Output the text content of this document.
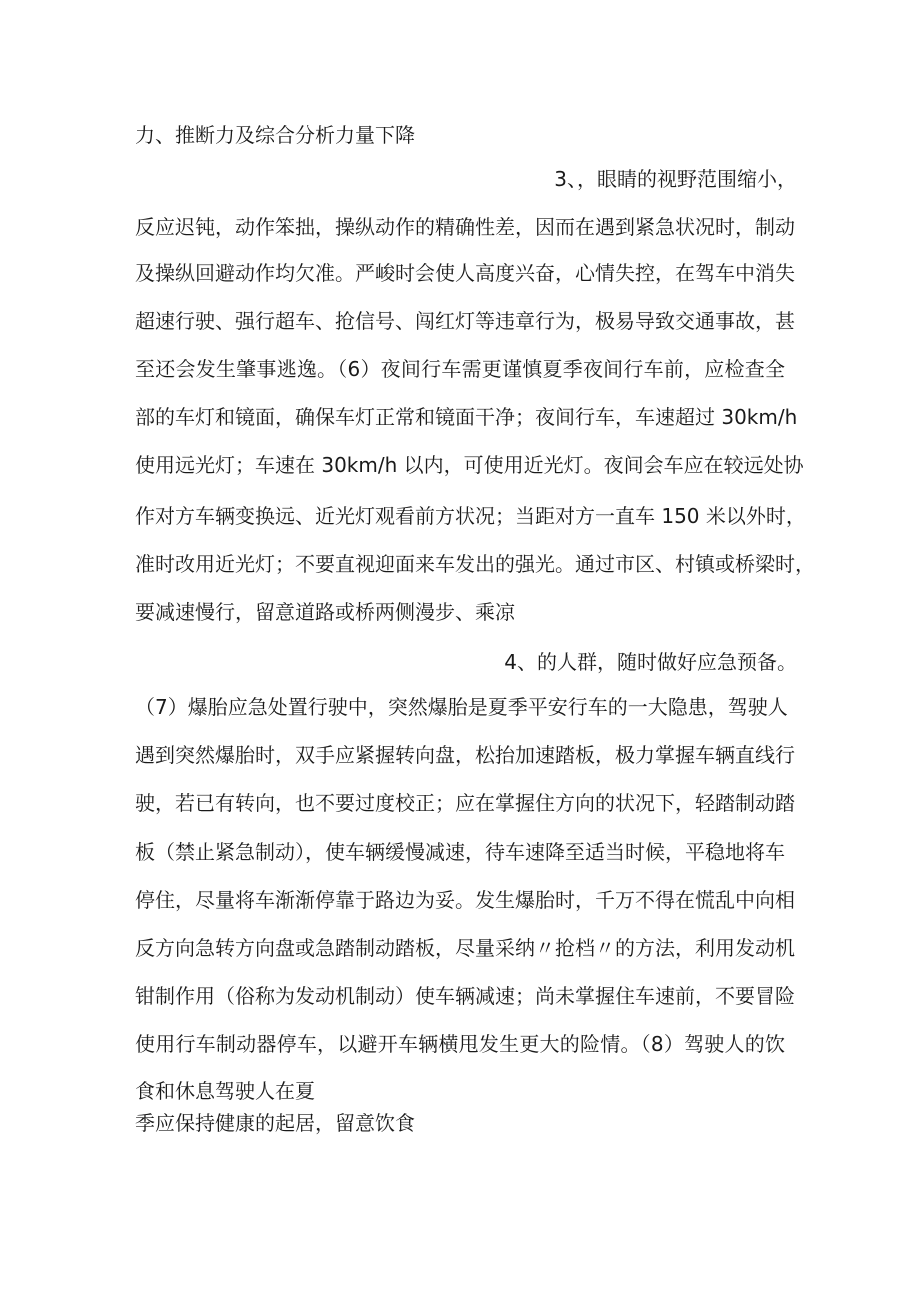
力、推断力及综合分析力量下降
3、，眼睛的视野范围缩小，
反应迟钝，动作笨拙，操纵动作的精确性差，因而在遇到紧急状况时，制动
及操纵回避动作均欠准。严峻时会使人高度兴奋，心情失控，在驾车中消失
超速行驶、强行超车、抢信号、闯红灯等违章行为，极易导致交通事故，甚
至还会发生肇事逃逸。（6）夜间行车需更谨慎夏季夜间行车前，应检查全
部的车灯和镜面，确保车灯正常和镜面干净；夜间行车，车速超过 30km/h
使用远光灯；车速在 30km/h 以内，可使用近光灯。夜间会车应在较远处协
作对方车辆变换远、近光灯观看前方状况；当距对方一直车 150 米以外时，
准时改用近光灯；不要直视迎面来车发出的强光。通过市区、村镇或桥梁时，
要减速慢行，留意道路或桥两侧漫步、乘凉
4、的人群，随时做好应急预备。
（7）爆胎应急处置行驶中，突然爆胎是夏季平安行车的一大隐患，驾驶人
遇到突然爆胎时，双手应紧握转向盘，松抬加速踏板，极力掌握车辆直线行
驶，若已有转向，也不要过度校正；应在掌握住方向的状况下，轻踏制动踏
板（禁止紧急制动），使车辆缓慢减速，待车速降至适当时候，平稳地将车
停住，尽量将车渐渐停靠于路边为妥。发生爆胎时，千万不得在慌乱中向相
反方向急转方向盘或急踏制动踏板，尽量采纳〃抢档〃的方法，利用发动机
钳制作用（俗称为发动机制动）使车辆减速；尚未掌握住车速前，不要冒险
使用行车制动器停车，以避开车辆横甩发生更大的险情。（8）驾驶人的饮
食和休息驾驶人在夏
季应保持健康的起居，留意饮食
